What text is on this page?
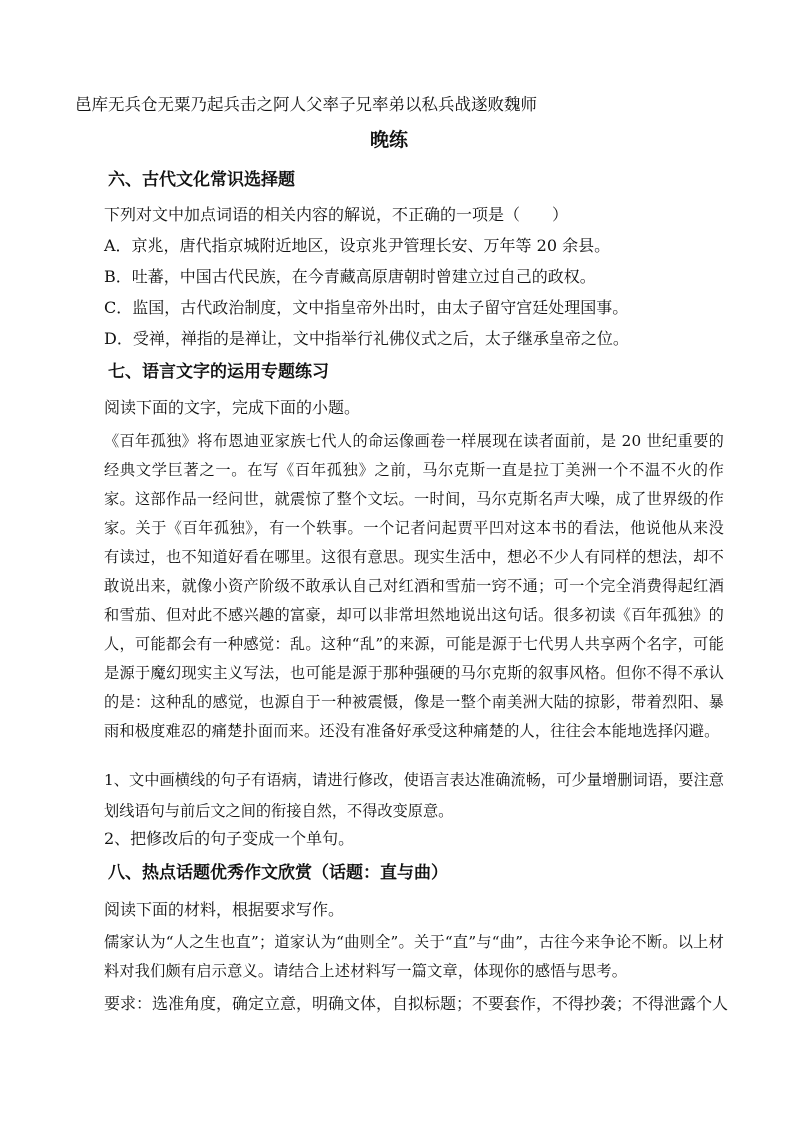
邑库无兵仓无粟乃起兵击之阿人父率子兄率弟以私兵战遂败魏师
晚练
六、古代文化常识选择题
下列对文中加点词语的相关内容的解说，不正确的一项是（　　）
A．京兆，唐代指京城附近地区，设京兆尹管理长安、万年等 20 余县。
B．吐蕃，中国古代民族，在今青藏高原唐朝时曾建立过自己的政权。
C．监国，古代政治制度，文中指皇帝外出时，由太子留守宫廷处理国事。
D．受禅，禅指的是禅让，文中指举行礼佛仪式之后，太子继承皇帝之位。
七、语言文字的运用专题练习
阅读下面的文字，完成下面的小题。
《百年孤独》将布恩迪亚家族七代人的命运像画卷一样展现在读者面前，是 20 世纪重要的经典文学巨著之一。在写《百年孤独》之前，马尔克斯一直是拉丁美洲一个不温不火的作家。这部作品一经问世，就震惊了整个文坛。一时间，马尔克斯名声大噪，成了世界级的作家。关于《百年孤独》，有一个轶事。一个记者问起贾平凹对这本书的看法，他说他从来没有读过，也不知道好看在哪里。这很有意思。现实生活中，想必不少人有同样的想法，却不敢说出来，就像小资产阶级不敢承认自己对红酒和雪茄一窍不通；可一个完全消费得起红酒和雪茄、但对此不感兴趣的富豪，却可以非常坦然地说出这句话。很多初读《百年孤独》的人，可能都会有一种感觉：乱。这种“乱”的来源，可能是源于七代男人共享两个名字，可能是源于魔幻现实主义写法，也可能是源于那种强硬的马尔克斯的叙事风格。但你不得不承认的是：这种乱的感觉，也源自于一种被震慑，像是一整个南美洲大陆的掠影，带着烈阳、暴雨和极度难忍的痛楚扑面而来。还没有准备好承受这种痛楚的人，往往会本能地选择闪避。
1、文中画横线的句子有语病，请进行修改，使语言表达准确流畅，可少量增删词语，要注意划线语句与前后文之间的衔接自然，不得改变原意。
2、把修改后的句子变成一个单句。
八、热点话题优秀作文欣赏（话题：直与曲）
阅读下面的材料，根据要求写作。
儒家认为“人之生也直”；道家认为“曲则全”。关于“直”与“曲”，古往今来争论不断。以上材料对我们颇有启示意义。请结合上述材料写一篇文章，体现你的感悟与思考。
要求：选准角度，确定立意，明确文体，自拟标题；不要套作，不得抄袭；不得泄露个人
